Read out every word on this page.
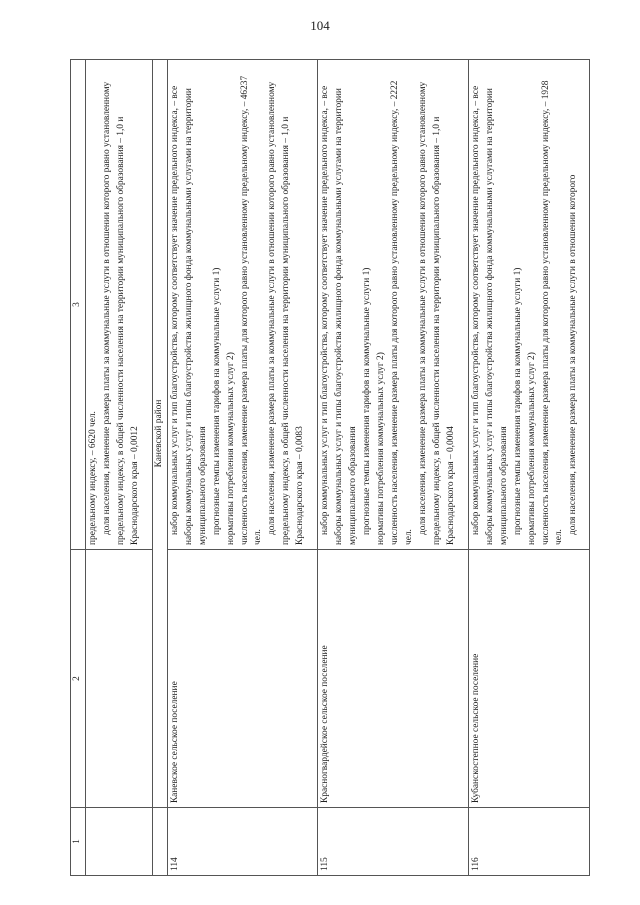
104
1	2	3

		предельному индексу, – 6620 чел. доля населения, изменение размера платы за коммунальные услуги в отношении которого равно установленному предельному индексу, в общей численности населения на территории муниципального образования – 1,0 и Краснодарского края – 0,0012

	Каневской район	
114	Каневское сельское поселение	набор коммунальных услуг и тип благоустройства, которому соответствует значение предельного индекса, – все наборы коммунальных услуг и типы благоустройства жилищного фонда коммунальными услугами на территории муниципального образования прогнозные темпы изменения тарифов на коммунальные услуги 1) нормативы потребления коммунальных услуг 2) численность населения, изменение размера платы для которого равно установленному предельному индексу, – 46237 чел.
доля населения, изменение размера платы за коммунальные услуги в отношении которого равно установленному предельному индексу, в общей численности населения на территории муниципального образования – 1,0 и Краснодарского края – 0,0083

115	Красногвардейское сельское поселение	набор коммунальных услуг и тип благоустройства, которому соответствует значение предельного индекса, – все наборы коммунальных услуг и типы благоустройства жилищного фонда коммунальными услугами на территории муниципального образования прогнозные темпы изменения тарифов на коммунальные услуги 1) нормативы потребления коммунальных услуг 2) численность населения, изменение размера платы для которого равно установленному предельному индексу, – 2222 чел.
доля населения, изменение размера платы за коммунальные услуги в отношении которого равно установленному предельному индексу, в общей численности населения на территории муниципального образования – 1,0 и Краснодарского края – 0,0004

116	Кубанскостепное сельское поселение	набор коммунальных услуг и тип благоустройства, которому соответствует значение предельного индекса, – все наборы коммунальных услуг и типы благоустройства жилищного фонда коммунальными услугами на территории муниципального образования прогнозные темпы изменения тарифов на коммунальные услуги 1) нормативы потребления коммунальных услуг 2) численность населения, изменение размера платы для которого равно установленному предельному индексу, – 1928 чел.
доля населения, изменение размера платы за коммунальные услуги в отношении которого
